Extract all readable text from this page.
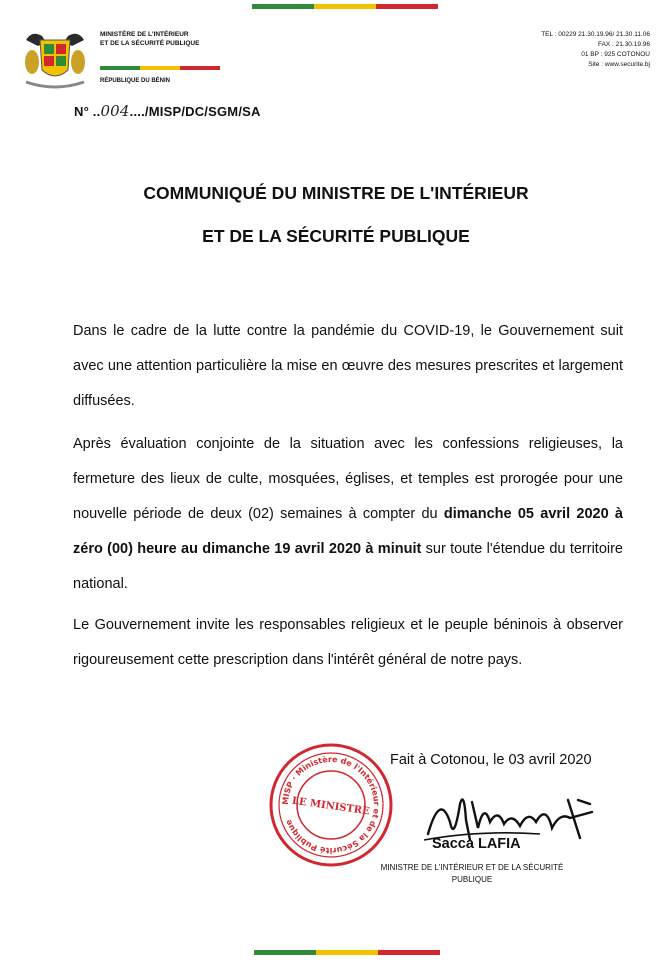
MINISTÈRE DE L'INTÉRIEUR
ET DE LA SÉCURITÉ PUBLIQUE
RÉPUBLIQUE DU BÉNIN
TEL : 00229 21.30.19.96/ 21.30.11.06
FAX : 21.30.19.96
01 BP : 925 COTONOU
Site : www.securite.bj
N° ..004..../MISP/DC/SGM/SA
COMMUNIQUÉ DU MINISTRE DE L'INTÉRIEUR
ET DE LA SÉCURITÉ PUBLIQUE
Dans le cadre de la lutte contre la pandémie du COVID-19, le Gouvernement suit avec une attention particulière la mise en œuvre des mesures prescrites et largement diffusées.
Après évaluation conjointe de la situation avec les confessions religieuses, la fermeture des lieux de culte, mosquées, églises, et temples est prorogée pour une nouvelle période de deux (02) semaines à compter du dimanche 05 avril 2020 à zéro (00) heure au dimanche 19 avril 2020 à minuit sur toute l'étendue du territoire national.
Le Gouvernement invite les responsables religieux et le peuple béninois à observer rigoureusement cette prescription dans l'intérêt général de notre pays.
Fait à Cotonou, le 03 avril 2020
MISP · Ministère de l'Intérieur et de la Sécurité Publique
LE MINISTRE
Sacca LAFIA
MINISTRE DE L'INTÉRIEUR ET DE LA SÉCURITÉ
PUBLIQUE
